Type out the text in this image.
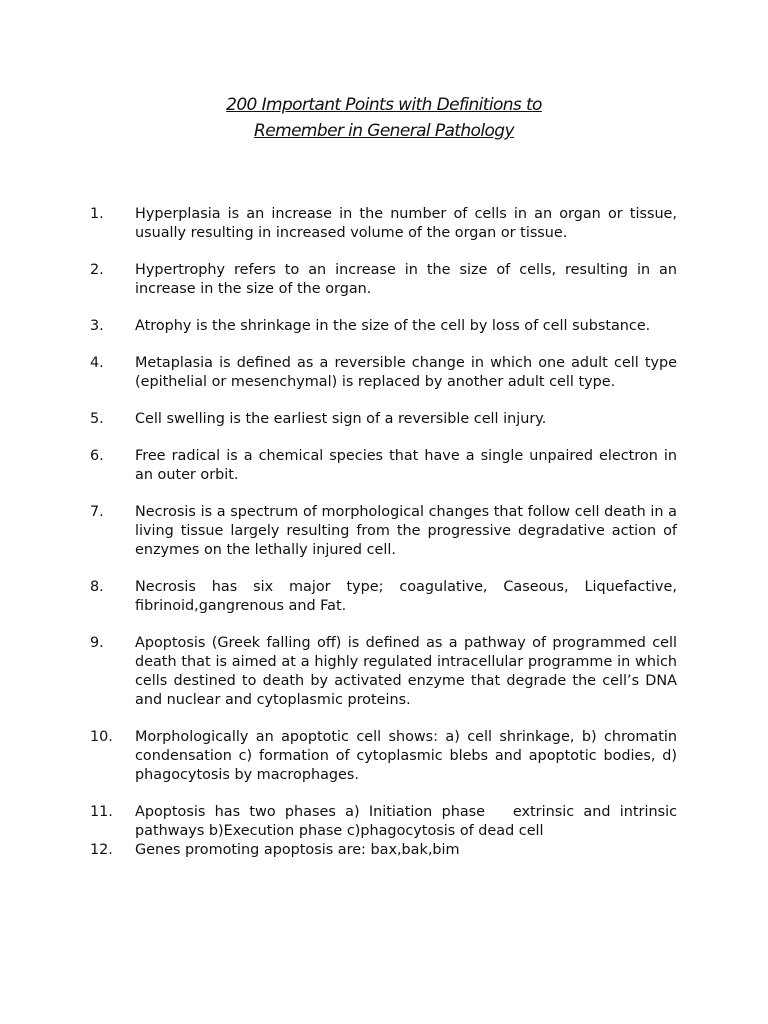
200 Important Points with Definitions to
Remember in General Pathology
1. Hyperplasia is an increase in the number of cells in an organ or tissue, usually resulting in increased volume of the organ or tissue.
2. Hypertrophy refers to an increase in the size of cells, resulting in an increase in the size of the organ.
3. Atrophy is the shrinkage in the size of the cell by loss of cell substance.
4. Metaplasia is defined as a reversible change in which one adult cell type (epithelial or mesenchymal) is replaced by another adult cell type.
5. Cell swelling is the earliest sign of a reversible cell injury.
6. Free radical is a chemical species that have a single unpaired electron in an outer orbit.
7. Necrosis is a spectrum of morphological changes that follow cell death in a living tissue largely resulting from the progressive degradative action of enzymes on the lethally injured cell.
8. Necrosis has six major type; coagulative, Caseous, Liquefactive, fibrinoid,gangrenous and Fat.
9. Apoptosis (Greek falling off) is defined as a pathway of programmed cell death that is aimed at a highly regulated intracellular programme in which cells destined to death by activated enzyme that degrade the cell’s DNA and nuclear and cytoplasmic proteins.
10. Morphologically an apoptotic cell shows: a) cell shrinkage, b) chromatin condensation c) formation of cytoplasmic blebs and apoptotic bodies, d) phagocytosis by macrophages.
11. Apoptosis has two phases a) Initiation phase   extrinsic and intrinsic pathways b)Execution phase c)phagocytosis of dead cell
12. Genes promoting apoptosis are: bax,bak,bim
